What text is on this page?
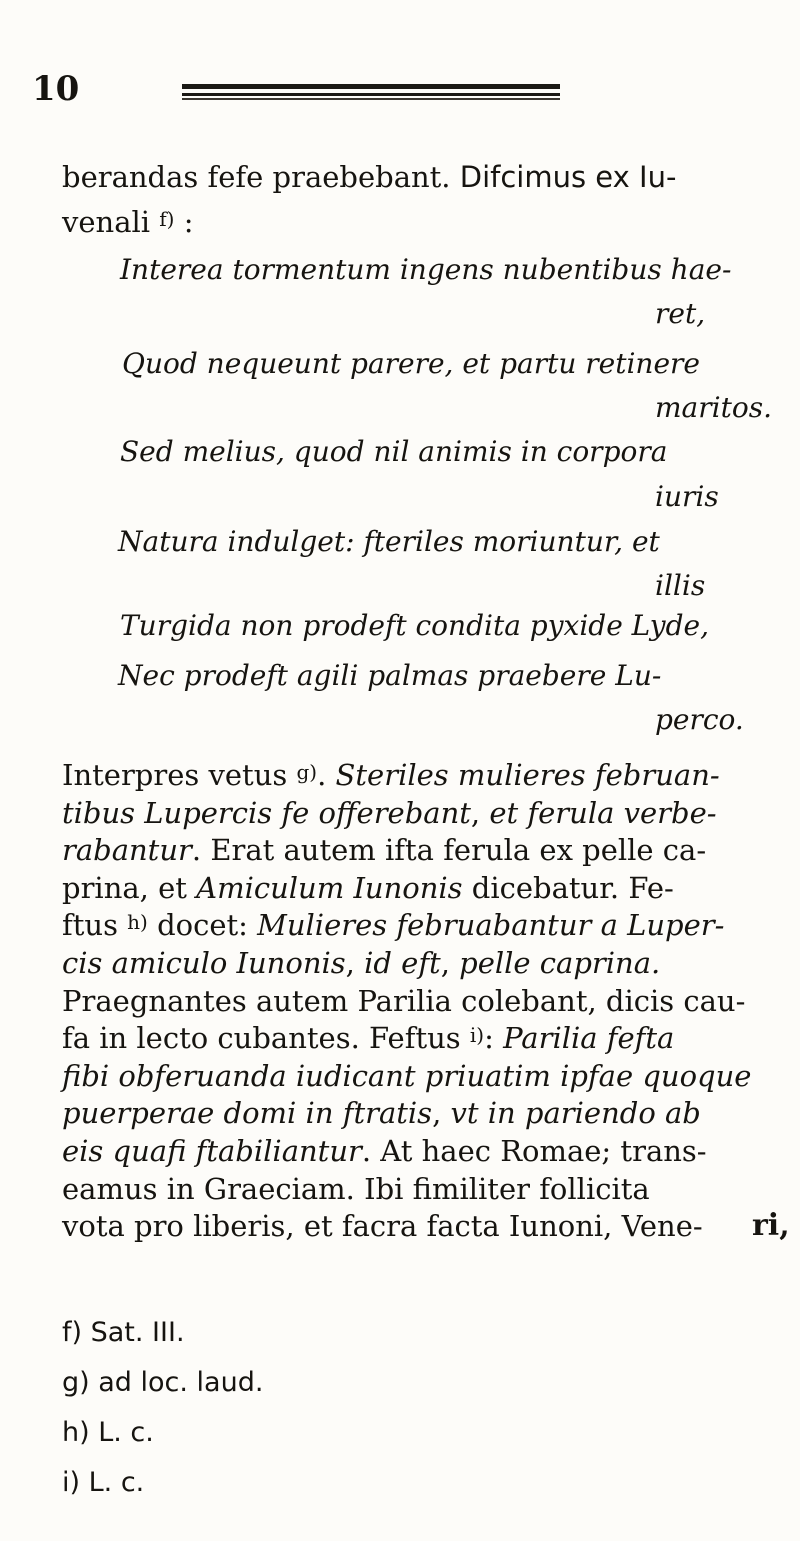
10
berandas fefe praebebant. Difcimus ex Iu-
venali $^{f)}$ :
Interea tormentum ingens nubentibus hae-
ret,
Quod nequeunt parere, et partu retinere
maritos.
Sed melius, quod nil animis in corpora
iuris
Natura indulget: fteriles moriuntur, et
illis
Turgida non prodeft condita pyxide Lyde,
Nec prodeft agili palmas praebere Lu-
perco.
Interpres vetus $^{g)}$. Steriles mulieres februan-
tibus Lupercis fe offerebant, et ferula verbe-
rabantur. Erat autem ifta ferula ex pelle ca-
prina, et Amiculum Iunonis dicebatur. Fe-
ftus $^{h)}$ docet: Mulieres februabantur a Luper-
cis amiculo Iunonis, id eft, pelle caprina.
Praegnantes autem Parilia colebant, dicis cau-
fa in lecto cubantes. Feftus $^{i)}$: Parilia fefta
fibi obferuanda iudicant priuatim ipfae quoque
puerperae domi in ftratis, vt in pariendo ab
eis quafi ftabiliantur. At haec Romae; trans-
eamus in Graeciam. Ibi fimiliter follicita
vota pro liberis, et facra facta Iunoni, Vene- ri,
f) Sat. III.
g) ad loc. laud.
h) L. c.
i) L. c.
